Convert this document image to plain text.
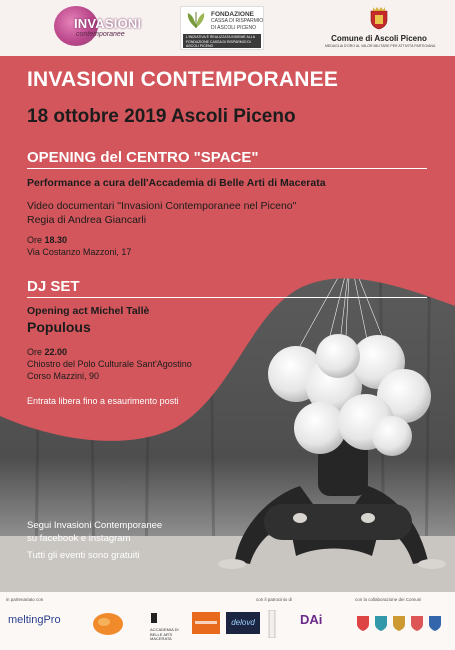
INVASIONI
contemporanee
FONDAZIONE
CASSA DI RISPARMIO
DI ASCOLI PICENO
L'INIZIATIVA È REALIZZATA INSIEME ALLA FONDAZIONE CASSA DI RISPARMIO DI ASCOLI PICENO
Comune di Ascoli Piceno
MEDAGLIA D'ORO AL VALOR MILITARE PER ATTIVITÀ PARTIGIANA
INVASIONI CONTEMPORANEE
18 ottobre 2019 Ascoli Piceno
OPENING del CENTRO "SPACE"
Performance a cura dell'Accademia di Belle Arti di Macerata
Video documentari "Invasioni Contemporanee nel Piceno"
Regia di Andrea Giancarli
Ore 18.30
Via Costanzo Mazzoni, 17
DJ SET
Opening act Michel Tallè
Populous
Ore 22.00
Chiostro del Polo Culturale Sant'Agostino
Corso Mazzini, 90
Entrata libera fino a esaurimento posti
Segui Invasioni Contemporanee
su facebook e instagram
Tutti gli eventi sono gratuiti
in partenariato con	con il patrocinio di	con la collaborazione dei Comuni
meltingPro
ACCADEMIA DI BELLE ARTI MACERATA
delovd	DAi
